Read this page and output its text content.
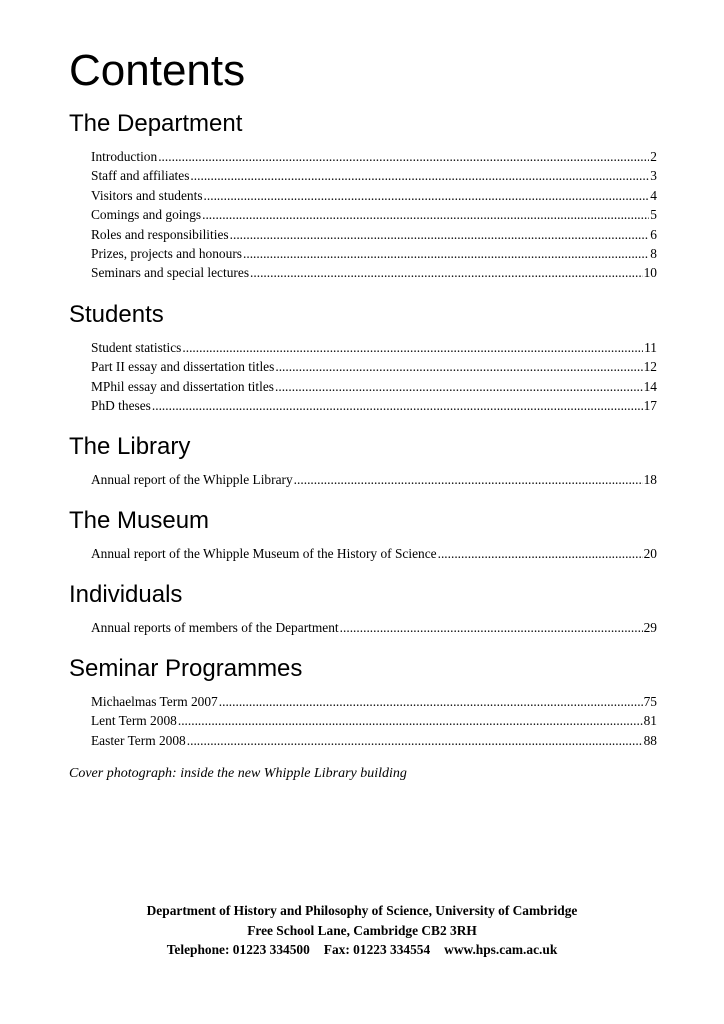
Contents
The Department
Introduction .....	2
Staff and affiliates .....	3
Visitors and students .....	4
Comings and goings .....	5
Roles and responsibilities .....	6
Prizes, projects and honours .....	8
Seminars and special lectures .....	10
Students
Student statistics .....	11
Part II essay and dissertation titles .....	12
MPhil essay and dissertation titles .....	14
PhD theses .....	17
The Library
Annual report of the Whipple Library .....	18
The Museum
Annual report of the Whipple Museum of the History of Science .....	20
Individuals
Annual reports of members of the Department .....	29
Seminar Programmes
Michaelmas Term 2007 .....	75
Lent Term 2008 .....	81
Easter Term 2008 .....	88

Cover photograph: inside the new Whipple Library building

Department of History and Philosophy of Science, University of Cambridge
Free School Lane, Cambridge CB2 3RH
Telephone: 01223 334500 Fax: 01223 334554 www.hps.cam.ac.uk
